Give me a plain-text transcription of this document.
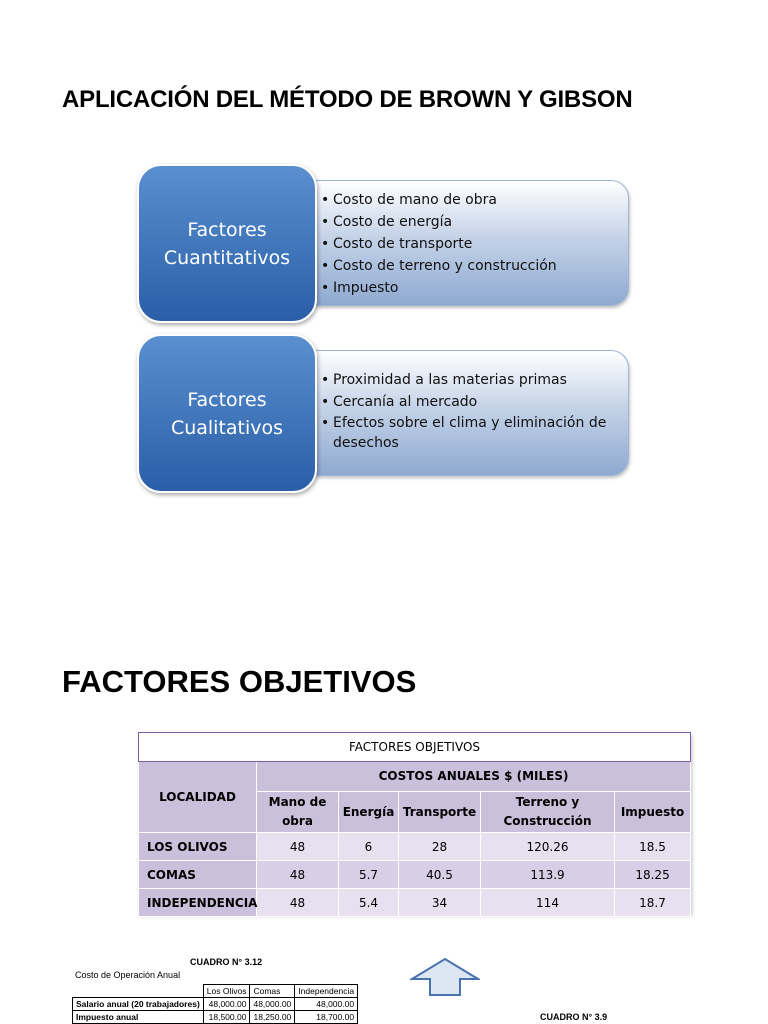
APLICACIÓN DEL MÉTODO DE BROWN Y GIBSON
• Costo de mano de obra
• Costo de energía
• Costo de transporte
• Costo de terreno y construcción
• Impuesto
Factores
Cuantitativos
• Proximidad a las materias primas
• Cercanía al mercado
• Efectos sobre el clima y eliminación de desechos
Factores
Cualitativos
FACTORES OBJETIVOS
FACTORES OBJETIVOS					
LOCALIDAD	COSTOS ANUALES $ (MILES)				
	Mano de obra	Energía	Transporte	Terreno y Construcción	Impuesto
LOS OLIVOS	48	6	28	120.26	18.5
COMAS	48	5.7	40.5	113.9	18.25
INDEPENDENCIA	48	5.4	34	114	18.7
CUADRO N° 3.12
Costo de Operación Anual
	Los Olivos	Comas	Independencia
Salario anual (20 trabajadores)	48,000.00	48,000.00	48,000.00
Impuesto anual	18,500.00	18,250.00	18,700.00	CUADRO N° 3.9
